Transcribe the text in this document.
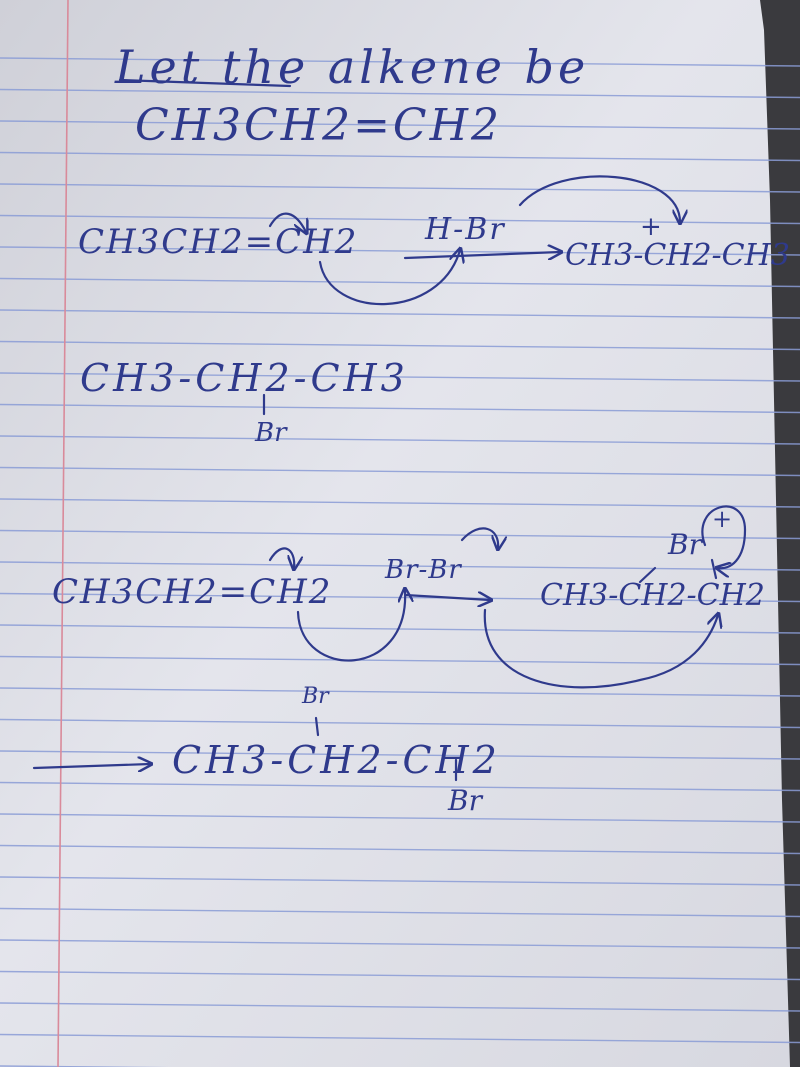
Let the alkene be
CH3CH2=CH2
CH3CH2=CH2 H-Br
CH3-CH2-CH3
+
CH3-CH2-CH3
Br
CH3CH2=CH2
Br-Br
CH3-CH2-CH2
Br
+
Br
CH3-CH2-CH2
Br
